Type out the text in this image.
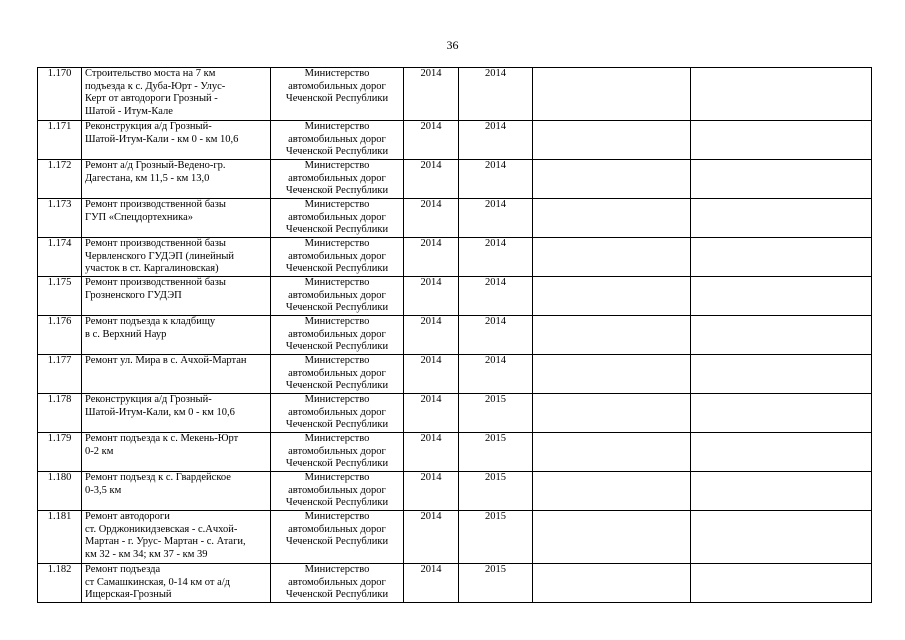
36
1.170	Строительство моста на 7 км
подъезда к с. Дуба-Юрт - Улус-
Керт от автодороги Грозный -
Шатой - Итум-Кале	Министерство
автомобильных дорог
Чеченской Республики	2014	2014		
1.171	Реконструкция а/д Грозный-
Шатой-Итум-Кали - км 0 - км 10,6	Министерство
автомобильных дорог
Чеченской Республики	2014	2014		
1.172	Ремонт а/д Грозный-Ведено-гр.
Дагестана, км 11,5 - км 13,0	Министерство
автомобильных дорог
Чеченской Республики	2014	2014		
1.173	Ремонт производственной базы
ГУП «Спецдортехника»	Министерство
автомобильных дорог
Чеченской Республики	2014	2014		
1.174	Ремонт производственной базы
Червленского ГУДЭП (линейный
участок в ст. Каргалиновская)	Министерство
автомобильных дорог
Чеченской Республики	2014	2014		
1.175	Ремонт производственной базы
Грозненского ГУДЭП	Министерство
автомобильных дорог
Чеченской Республики	2014	2014		
1.176	Ремонт подъезда к кладбищу
в с. Верхний Наур	Министерство
автомобильных дорог
Чеченской Республики	2014	2014		
1.177	Ремонт ул. Мира в с. Ачхой-Мартан	Министерство
автомобильных дорог
Чеченской Республики	2014	2014		
1.178	Реконструкция а/д Грозный-
Шатой-Итум-Кали, км 0 - км 10,6	Министерство
автомобильных дорог
Чеченской Республики	2014	2015		
1.179	Ремонт подъезда к с. Мекень-Юрт
0-2 км	Министерство
автомобильных дорог
Чеченской Республики	2014	2015		
1.180	Ремонт подъезд к с. Гвардейское
0-3,5 км	Министерство
автомобильных дорог
Чеченской Республики	2014	2015		
1.181	Ремонт автодороги
ст. Орджоникидзевская - с.Ачхой-
Мартан - г. Урус- Мартан - с. Атаги,
км 32 - км 34; км 37 - км 39	Министерство
автомобильных дорог
Чеченской Республики	2014	2015		
1.182	Ремонт подъезда
ст Самашкинская, 0-14 км от а/д
Ищерская-Грозный	Министерство
автомобильных дорог
Чеченской Республики	2014	2015		
